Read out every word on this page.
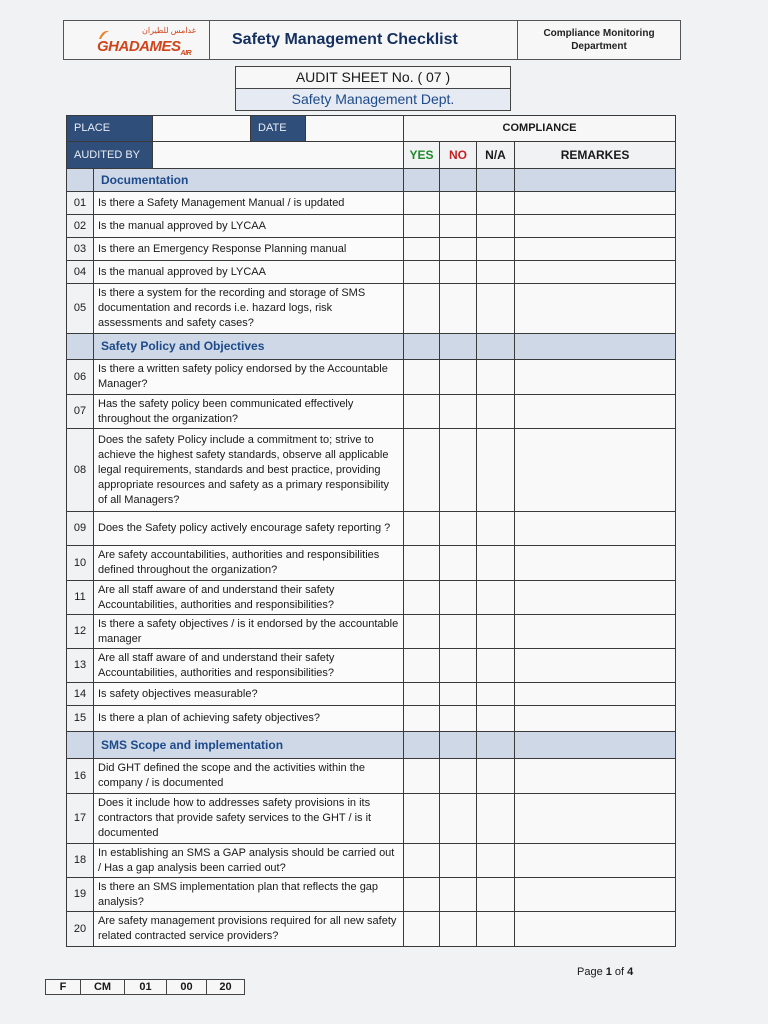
غدامس للطيران
$GHADAMES_{AIR}$
Safety Management Checklist	Compliance Monitoring
Department
AUDIT SHEET No. ( 07 )
Safety Management Dept.
PLACE			DATE		COMPLIANCE			
AUDITED BY					YES	NO	N/A	REMARKES
	Documentation							
01	Is there a Safety Management Manual / is updated							
02	Is the manual approved by LYCAA							
03	Is there an Emergency Response Planning manual							
04	Is the manual approved by LYCAA							
05	Is there a system for the recording and storage of SMS documentation and records i.e. hazard logs, risk assessments and safety cases?							
	Safety Policy and Objectives							
06	Is there a written safety policy endorsed by the Accountable Manager?							
07	Has the safety policy been communicated effectively throughout the organization?							
08	Does the safety Policy include a commitment to; strive to achieve the highest safety standards, observe all applicable legal requirements, standards and best practice, providing appropriate resources and safety as a primary responsibility of all Managers?							
09	Does the Safety policy actively encourage safety reporting ?							
10	Are safety accountabilities, authorities and responsibilities defined throughout the organization?							
11	Are all staff aware of and understand their safety Accountabilities, authorities and responsibilities?							
12	Is there a safety objectives / is it endorsed by the accountable manager							
13	Are all staff aware of and understand their safety Accountabilities, authorities and responsibilities?							
14	Is safety objectives measurable?							
15	Is there a plan of achieving safety objectives?							
	SMS Scope and implementation							
16	Did GHT defined the scope and the activities within the company / is documented							
17	Does it include how to addresses safety provisions in its contractors that provide safety services to the GHT / is it documented							
18	In establishing an SMS a GAP analysis should be carried out / Has a gap analysis been carried out?							
19	Is there an SMS implementation plan that reflects the gap analysis?							
20	Are safety management provisions required for all new safety related contracted service providers?							
Page 1 of 4
F	CM	01	00	20
